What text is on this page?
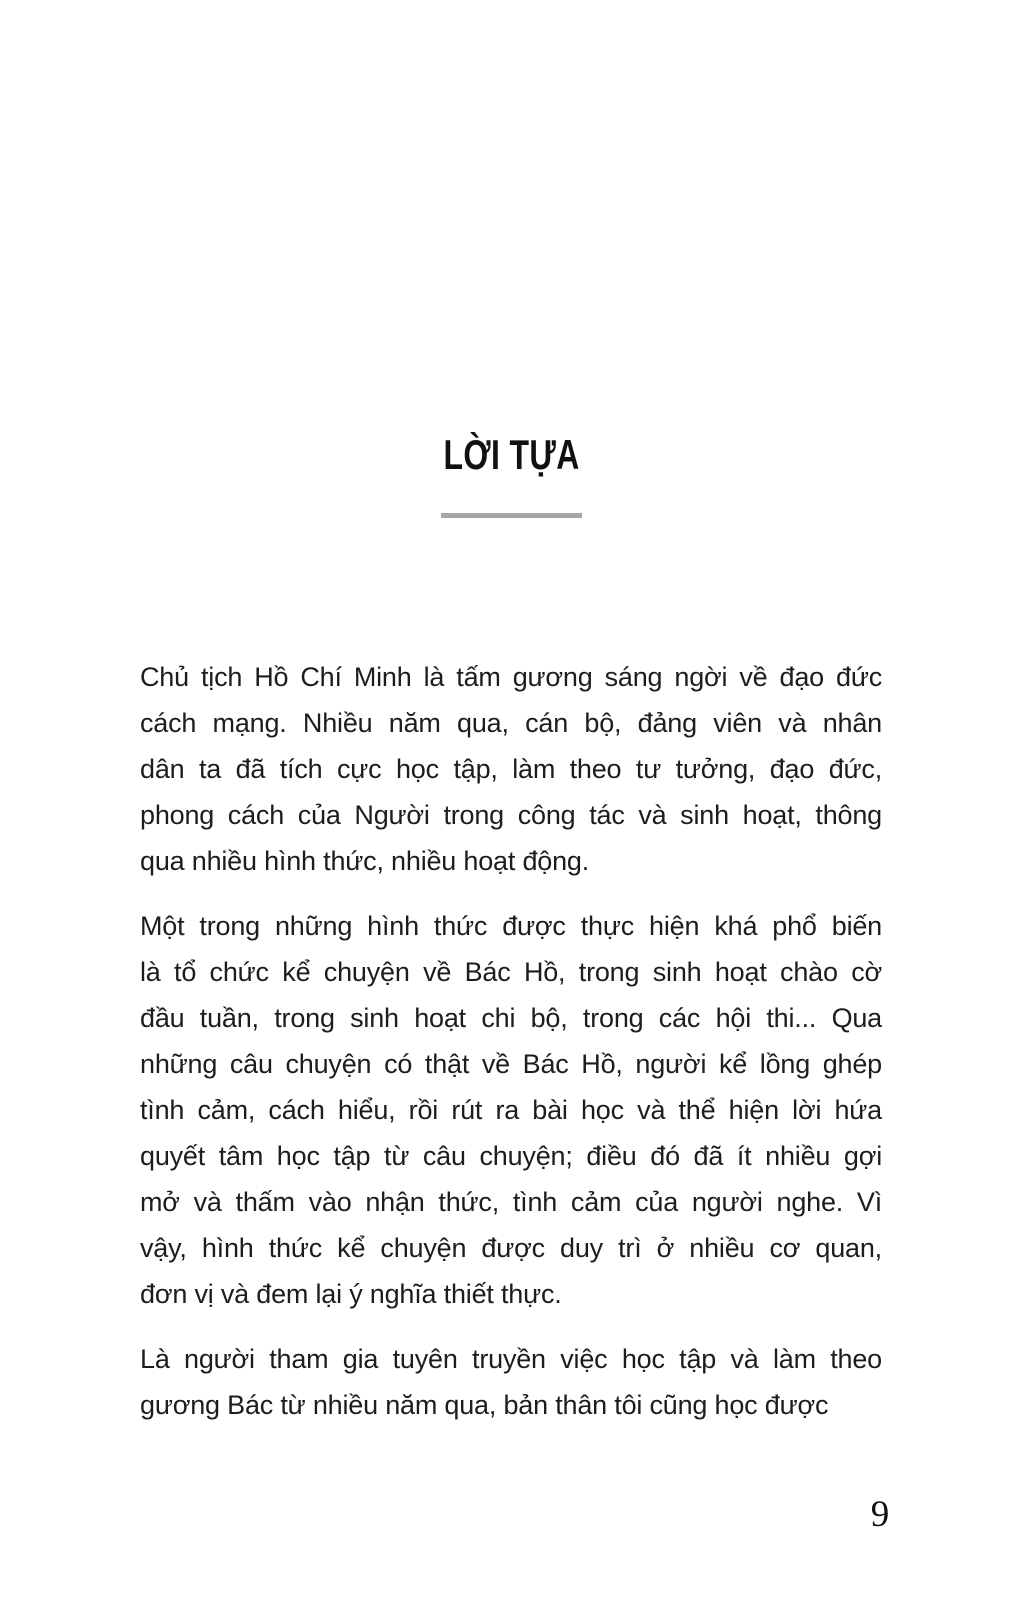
LỜI TỰA

Chủ tịch Hồ Chí Minh là tấm gương sáng ngời về đạo đức
cách mạng. Nhiều năm qua, cán bộ, đảng viên và nhân
dân ta đã tích cực học tập, làm theo tư tưởng, đạo đức,
phong cách của Người trong công tác và sinh hoạt, thông
qua nhiều hình thức, nhiều hoạt động.

Một trong những hình thức được thực hiện khá phổ biến
là tổ chức kể chuyện về Bác Hồ, trong sinh hoạt chào cờ
đầu tuần, trong sinh hoạt chi bộ, trong các hội thi... Qua
những câu chuyện có thật về Bác Hồ, người kể lồng ghép
tình cảm, cách hiểu, rồi rút ra bài học và thể hiện lời hứa
quyết tâm học tập từ câu chuyện; điều đó đã ít nhiều gợi
mở và thấm vào nhận thức, tình cảm của người nghe. Vì
vậy, hình thức kể chuyện được duy trì ở nhiều cơ quan,
đơn vị và đem lại ý nghĩa thiết thực.

Là người tham gia tuyên truyền việc học tập và làm theo
gương Bác từ nhiều năm qua, bản thân tôi cũng học được

9
